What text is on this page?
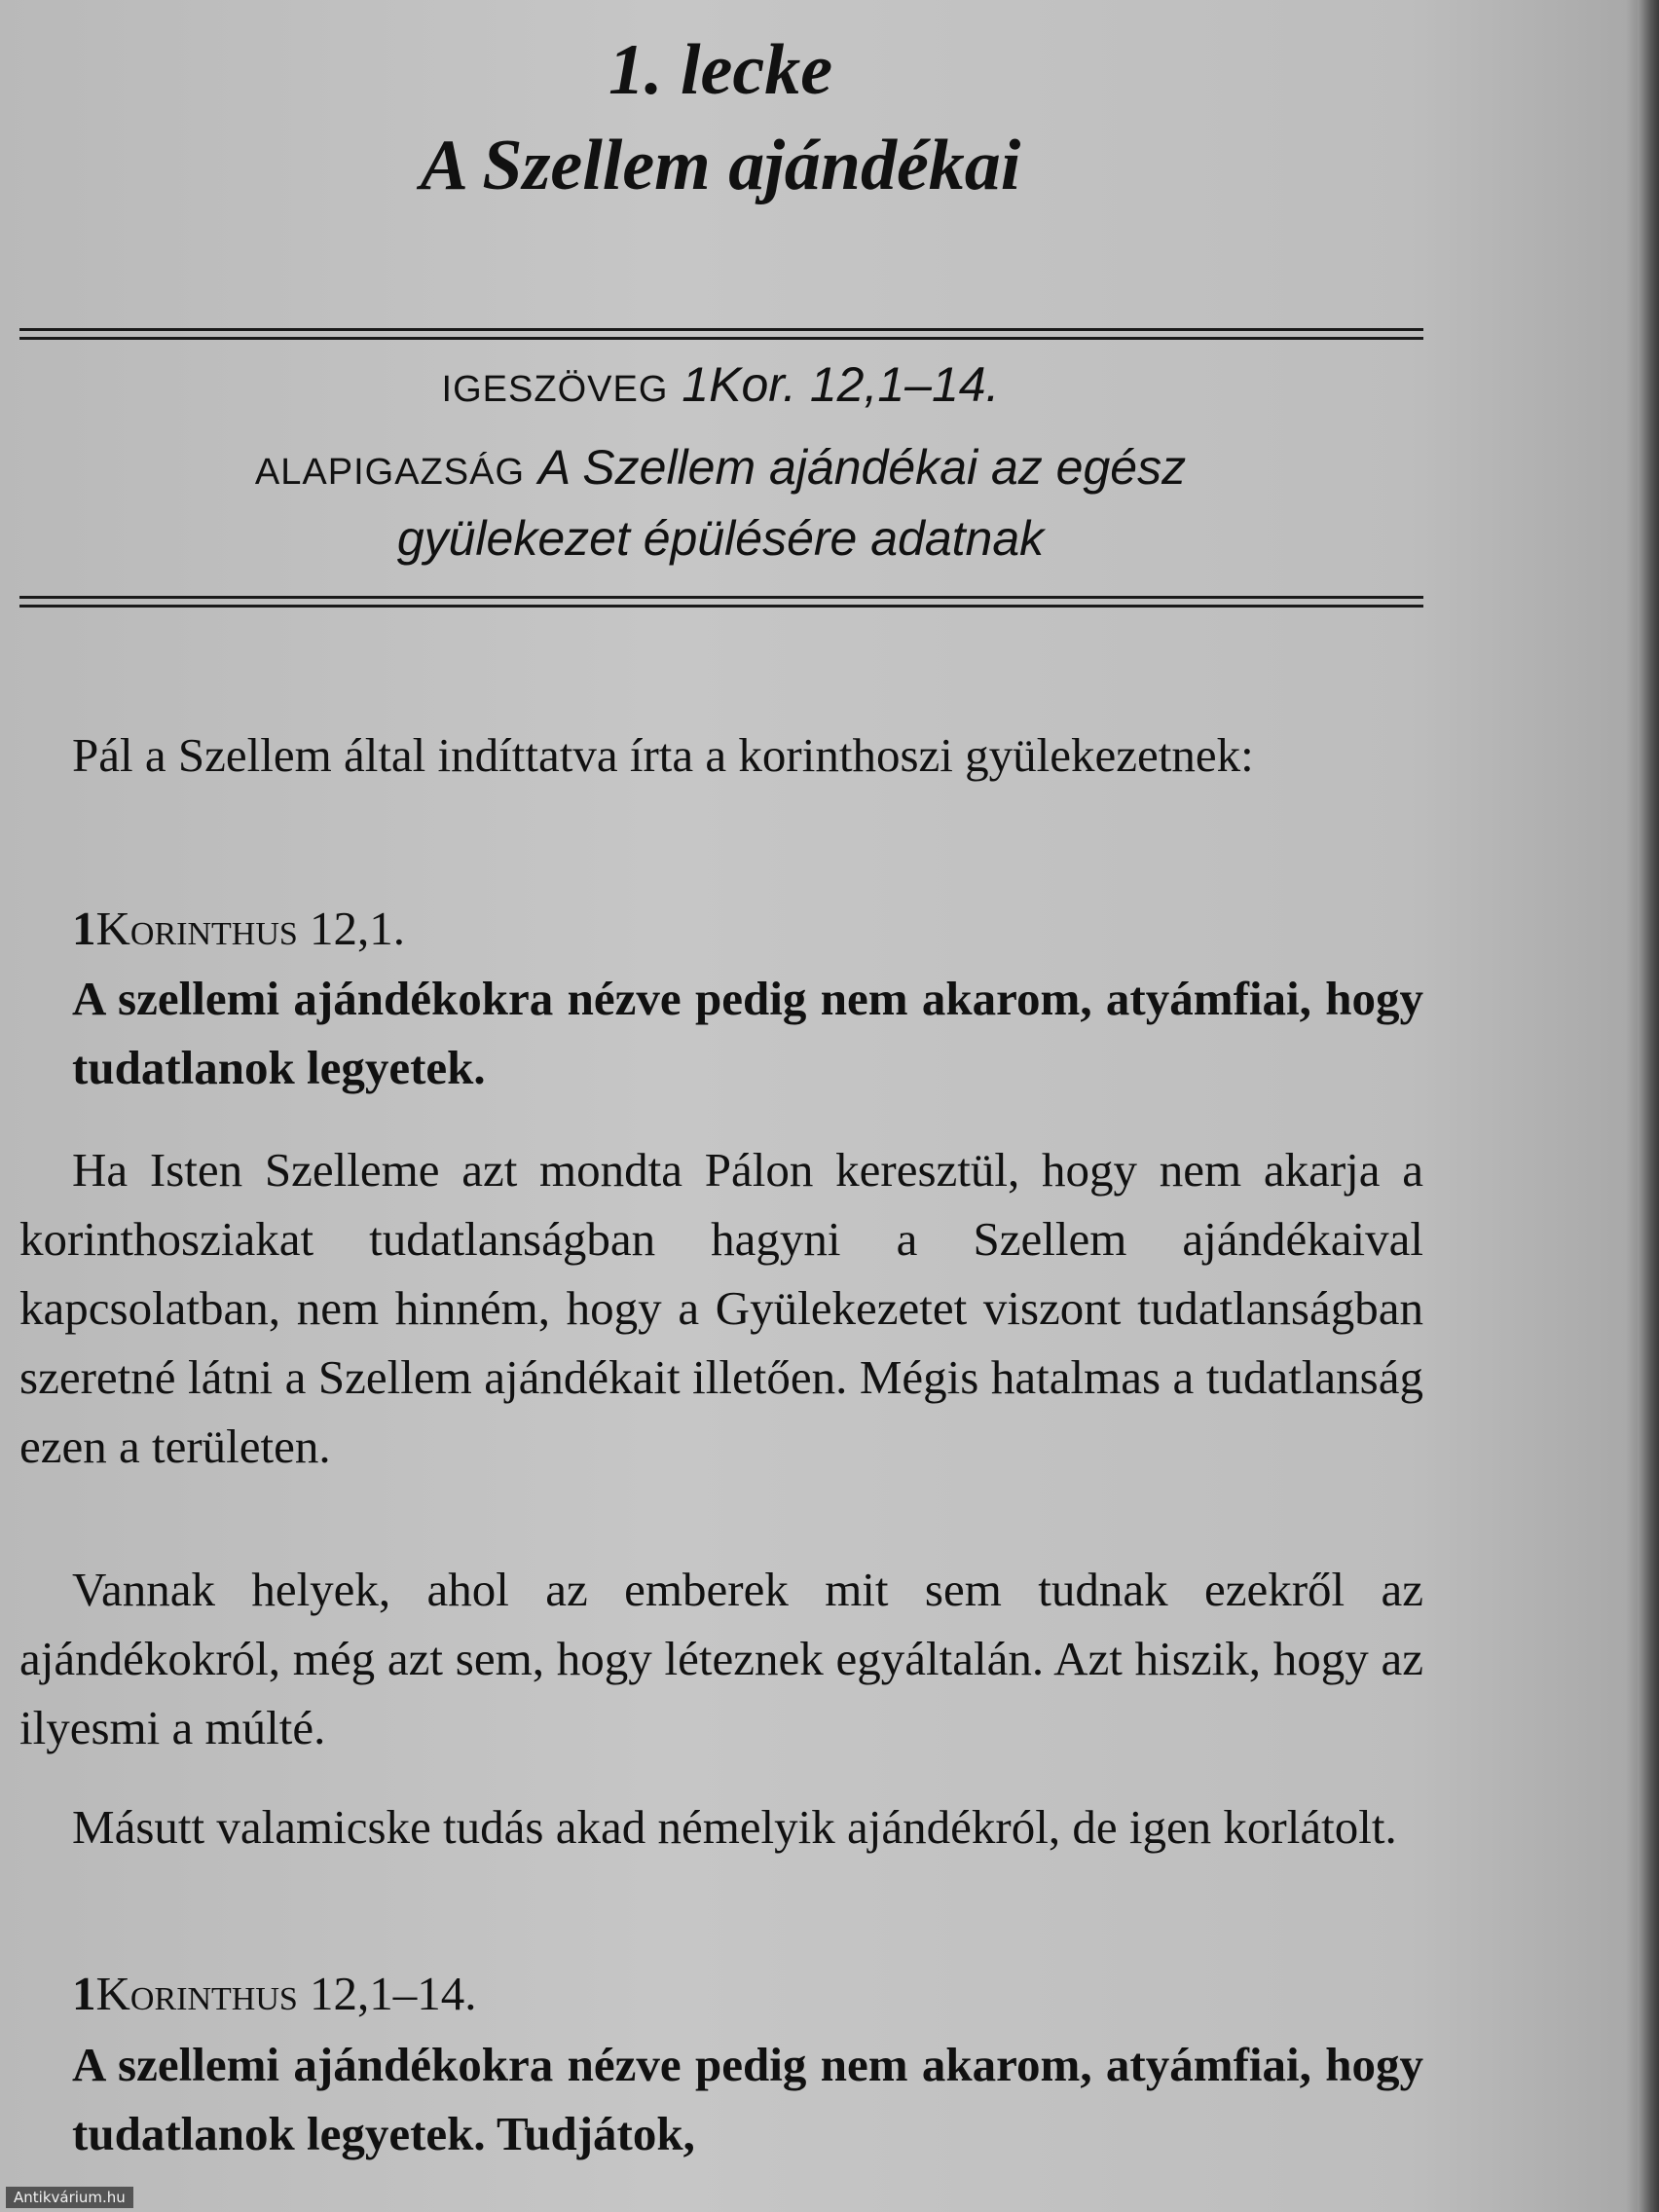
1. lecke
A Szellem ajándékai
IGESZÖVEG 1Kor. 12,1–14.
ALAPIGAZSÁG A Szellem ajándékai az egész
gyülekezet épülésére adatnak
Pál a Szellem által indíttatva írta a korinthoszi gyülekezetnek:
1Korinthus 12,1.
A szellemi ajándékokra nézve pedig nem akarom, atyámfiai, hogy tudatlanok legyetek.
Ha Isten Szelleme azt mondta Pálon keresztül, hogy nem akarja a korinthosziakat tudatlanságban hagyni a Szellem ajándékaival kapcsolatban, nem hinném, hogy a Gyülekezetet viszont tudatlanságban szeretné látni a Szellem ajándékait illetően. Mégis hatalmas a tudatlanság ezen a területen.
Vannak helyek, ahol az emberek mit sem tudnak ezekről az ajándékokról, még azt sem, hogy léteznek egyáltalán. Azt hiszik, hogy az ilyesmi a múlté.
Másutt valamicske tudás akad némelyik ajándékról, de igen korlátolt.
1Korinthus 12,1–14.
A szellemi ajándékokra nézve pedig nem akarom, atyámfiai, hogy tudatlanok legyetek. Tudjátok,
Antikvárium.hu
